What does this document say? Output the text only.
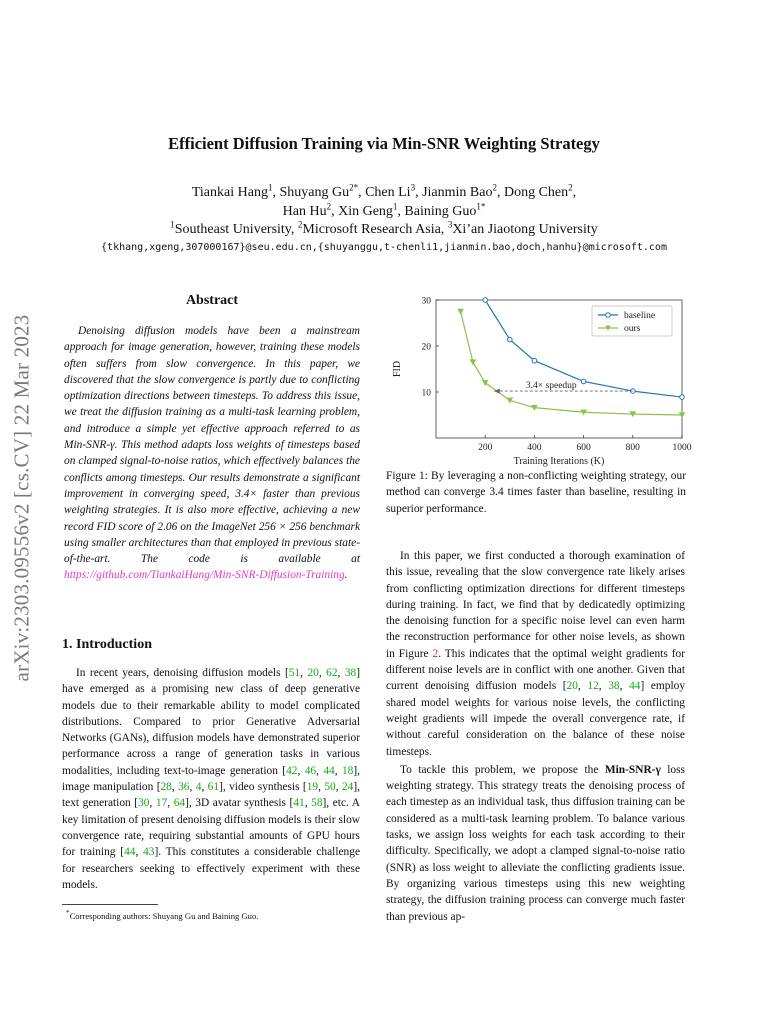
arXiv:2303.09556v2 [cs.CV] 22 Mar 2023
Efficient Diffusion Training via Min-SNR Weighting Strategy
Tiankai Hang$^1$, Shuyang $Gu^{2*}$, Chen Li$^3$, Jianmin Bao$^2$, Dong Chen$^2$,
Han Hu$^2$, Xin Geng$^1$, Baining Guo$^{1*}$
$^1$Southeast University, $^2$Microsoft Research Asia, $^3$Xi’an Jiaotong University
{tkhang,xgeng,307000167}@seu.edu.cn,{shuyanggu,t-chenli1,jianmin.bao,doch,hanhu}@microsoft.com
Abstract

Denoising diffusion models have been a mainstream approach for image generation, however, training these models often suffers from slow convergence. In this paper, we discovered that the slow convergence is partly due to conflicting optimization directions between timesteps. To address this issue, we treat the diffusion training as a multi-task learning problem, and introduce a simple yet effective approach referred to as Min-SNR-γ. This method adapts loss weights of timesteps based on clamped signal-to-noise ratios, which effectively balances the conflicts among timesteps. Our results demonstrate a significant improvement in converging speed, 3.4× faster than previous weighting strategies. It is also more effective, achieving a new record FID score of 2.06 on the ImageNet 256 × 256 benchmark using smaller architectures than that employed in previous state-of-the-art. The code is available at https://github.com/TiankaiHang/Min-SNR-Diffusion-Training.

1. Introduction

In recent years, denoising diffusion models [51, 20, 62, 38] have emerged as a promising new class of deep generative models due to their remarkable ability to model complicated distributions. Compared to prior Generative Adversarial Networks (GANs), diffusion models have demonstrated superior performance across a range of generation tasks in various modalities, including text-to-image generation [42, 46, 44, 18], image manipulation [28, 36, 4, 61], video synthesis [19, 50, 24], text generation [30, 17, 64], 3D avatar synthesis [41, 58], etc. A key limitation of present denoising diffusion models is their slow convergence rate, requiring substantial amounts of GPU hours for training [44, 43]. This constitutes a considerable challenge for researchers seeking to effectively experiment with these models.

*Corresponding authors: Shuyang Gu and Baining Guo.
200	400	600	800	1000
10
20
30
Training Iterations (K)
FID
3.4× speedup
baseline
ours
Figure 1: By leveraging a non-conflicting weighting strategy, our method can converge 3.4 times faster than baseline, resulting in superior performance.

In this paper, we first conducted a thorough examination of this issue, revealing that the slow convergence rate likely arises from conflicting optimization directions for different timesteps during training. In fact, we find that by dedicatedly optimizing the denoising function for a specific noise level can even harm the reconstruction performance for other noise levels, as shown in Figure 2. This indicates that the optimal weight gradients for different noise levels are in conflict with one another. Given that current denoising diffusion models [20, 12, 38, 44] employ shared model weights for various noise levels, the conflicting weight gradients will impede the overall convergence rate, if without careful consideration on the balance of these noise timesteps.

To tackle this problem, we propose the Min-SNR-γ loss weighting strategy. This strategy treats the denoising process of each timestep as an individual task, thus diffusion training can be considered as a multi-task learning problem. To balance various tasks, we assign loss weights for each task according to their difficulty. Specifically, we adopt a clamped signal-to-noise ratio (SNR) as loss weight to alleviate the conflicting gradients issue. By organizing various timesteps using this new weighting strategy, the diffusion training process can converge much faster than previous ap-
